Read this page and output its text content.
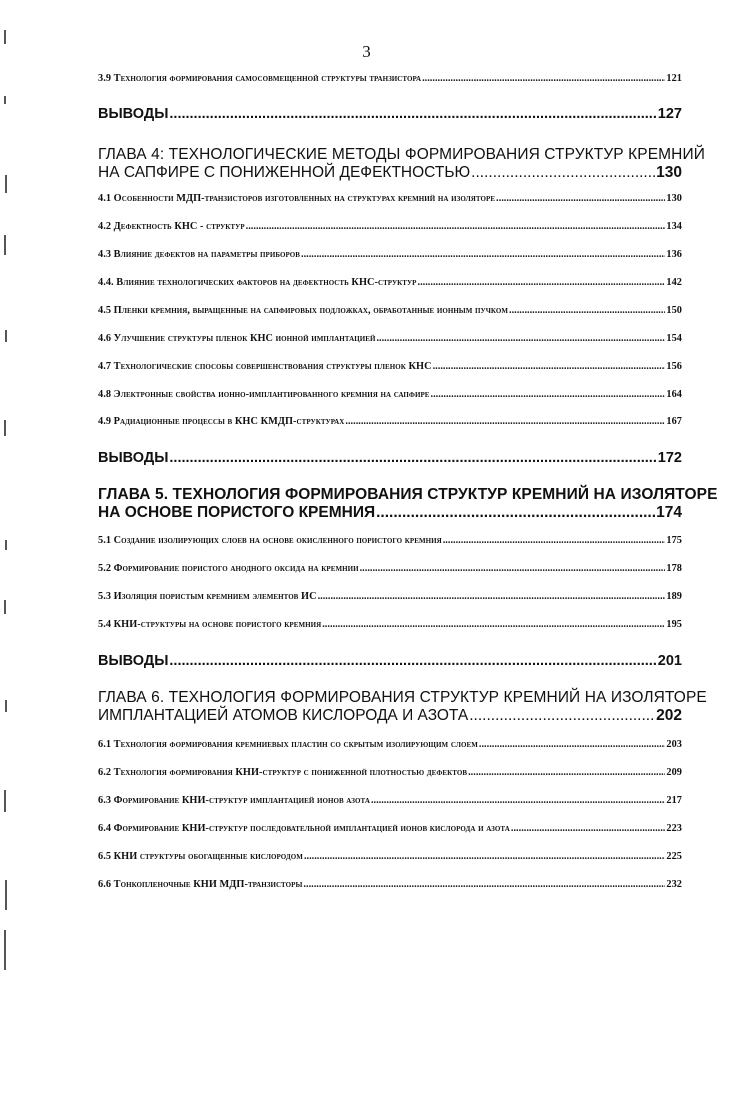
3
3.9 Технология формирования самосовмещенной структуры транзистора .....	121
ВЫВОДЫ .....	127
ГЛАВА 4: ТЕХНОЛОГИЧЕСКИЕ МЕТОДЫ ФОРМИРОВАНИЯ СТРУКТУР КРЕМНИЙ
НА САПФИРЕ С ПОНИЖЕННОЙ ДЕФЕКТНОСТЬЮ .....	130
4.1 Особенности МДП-транзисторов изготовленных на структурах кремний на изоляторе .....	130
4.2 Дефектность КНС - структур .....	134
4.3 Влияние дефектов на параметры приборов .....	136
4.4. Влияние технологических факторов на дефектность КНС-структур .....	142
4.5 Пленки кремния, выращенные на сапфировых подложках, обработанные ионным пучком .....	150
4.6 Улучшение структуры пленок КНС ионной имплантацией .....	154
4.7 Технологические способы совершенствования структуры пленок КНС .....	156
4.8 Электронные свойства ионно-имплантированного кремния на сапфире .....	164
4.9 Радиационные процессы в КНС КМДП-структурах .....	167
ВЫВОДЫ .....	172
ГЛАВА 5. ТЕХНОЛОГИЯ ФОРМИРОВАНИЯ СТРУКТУР КРЕМНИЙ НА ИЗОЛЯТОРЕ
НА ОСНОВЕ ПОРИСТОГО КРЕМНИЯ .....	174
5.1 Создание изолирующих слоев на основе окисленного пористого кремния .....	175
5.2 Формирование пористого анодного оксида на кремнии .....	178
5.3 Изоляция пористым кремнием элементов ИС .....	189
5.4 КНИ-структуры на основе пористого кремния .....	195
ВЫВОДЫ .....	201
ГЛАВА 6. ТЕХНОЛОГИЯ ФОРМИРОВАНИЯ СТРУКТУР КРЕМНИЙ НА ИЗОЛЯТОРЕ
ИМПЛАНТАЦИЕЙ АТОМОВ КИСЛОРОДА И АЗОТА .....	202
6.1 Технология формирования кремниевых пластин со скрытым изолирующим слоем .....	203
6.2 Технология формирования КНИ-структур с пониженной плотностью дефектов .....	209
6.3 Формирование КНИ-структур имплантацией ионов азота .....	217
6.4 Формирование КНИ-структур последовательной имплантацией ионов кислорода и азота .....	223
6.5 КНИ структуры обогащенные кислородом .....	225
6.6 Тонкопленочные КНИ МДП-транзисторы .....	232
